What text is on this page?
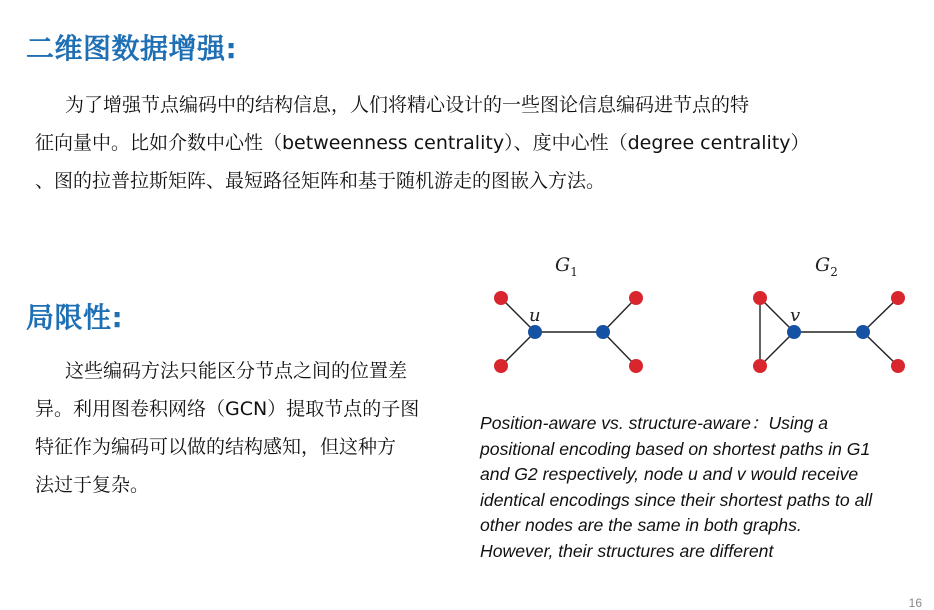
二维图数据增强:

为了增强节点编码中的结构信息，人们将精心设计的一些图论信息编码进节点的特
征向量中。比如介数中心性（betweenness centrality）、度中心性（degree centrality）
、图的拉普拉斯矩阵、最短路径矩阵和基于随机游走的图嵌入方法。

局限性:

这些编码方法只能区分节点之间的位置差
异。利用图卷积网络（GCN）提取节点的子图
特征作为编码可以做的结构感知，但这种方
法过于复杂。

$G_1$
u
$G_2$
v

Position-aware vs. structure-aware：Using a
positional encoding based on shortest paths in G1
and G2 respectively, node u and v would receive
identical encodings since their shortest paths to all
other nodes are the same in both graphs.
However, their structures are different

16
